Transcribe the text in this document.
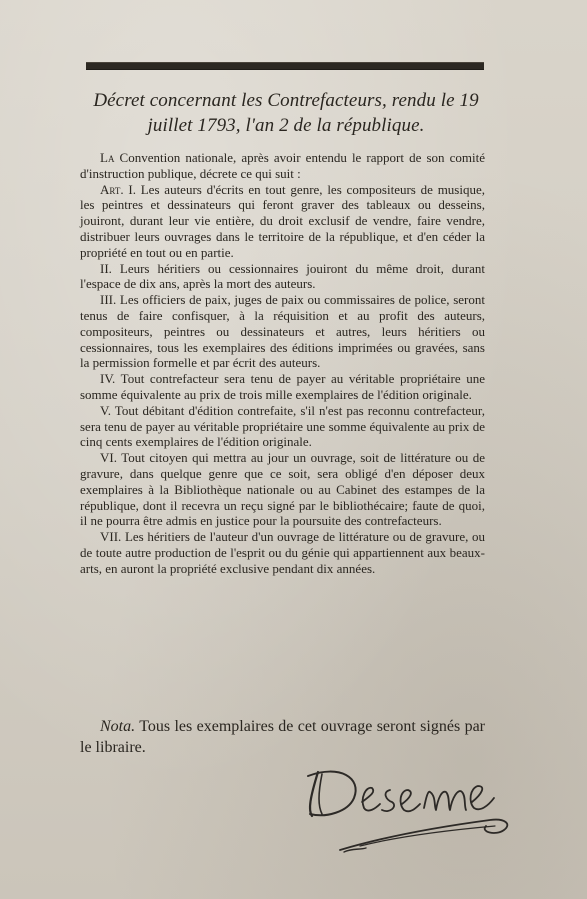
Décret concernant les Contrefacteurs, rendu le 19 juillet 1793, l'an 2 de la république.

La Convention nationale, après avoir entendu le rapport de son comité d'instruction publique, décrete ce qui suit :

Art. I. Les auteurs d'écrits en tout genre, les compositeurs de musique, les peintres et dessinateurs qui feront graver des tableaux ou desseins, jouiront, durant leur vie entière, du droit exclusif de vendre, faire vendre, distribuer leurs ouvrages dans le territoire de la république, et d'en céder la propriété en tout ou en partie.

II. Leurs héritiers ou cessionnaires jouiront du même droit, durant l'espace de dix ans, après la mort des auteurs.

III. Les officiers de paix, juges de paix ou commissaires de police, seront tenus de faire confisquer, à la réquisition et au profit des auteurs, compositeurs, peintres ou dessinateurs et autres, leurs héritiers ou cessionnaires, tous les exemplaires des éditions imprimées ou gravées, sans la permission formelle et par écrit des auteurs.

IV. Tout contrefacteur sera tenu de payer au véritable propriétaire une somme équivalente au prix de trois mille exemplaires de l'édition originale.

V. Tout débitant d'édition contrefaite, s'il n'est pas reconnu contrefacteur, sera tenu de payer au véritable propriétaire une somme équivalente au prix de cinq cents exemplaires de l'édition originale.

VI. Tout citoyen qui mettra au jour un ouvrage, soit de littérature ou de gravure, dans quelque genre que ce soit, sera obligé d'en déposer deux exemplaires à la Bibliothèque nationale ou au Cabinet des estampes de la république, dont il recevra un reçu signé par le bibliothécaire; faute de quoi, il ne pourra être admis en justice pour la poursuite des contrefacteurs.

VII. Les héritiers de l'auteur d'un ouvrage de littérature ou de gravure, ou de toute autre production de l'esprit ou du génie qui appartiennent aux beaux-arts, en auront la propriété exclusive pendant dix années.

Nota. Tous les exemplaires de cet ouvrage seront signés par le libraire.
